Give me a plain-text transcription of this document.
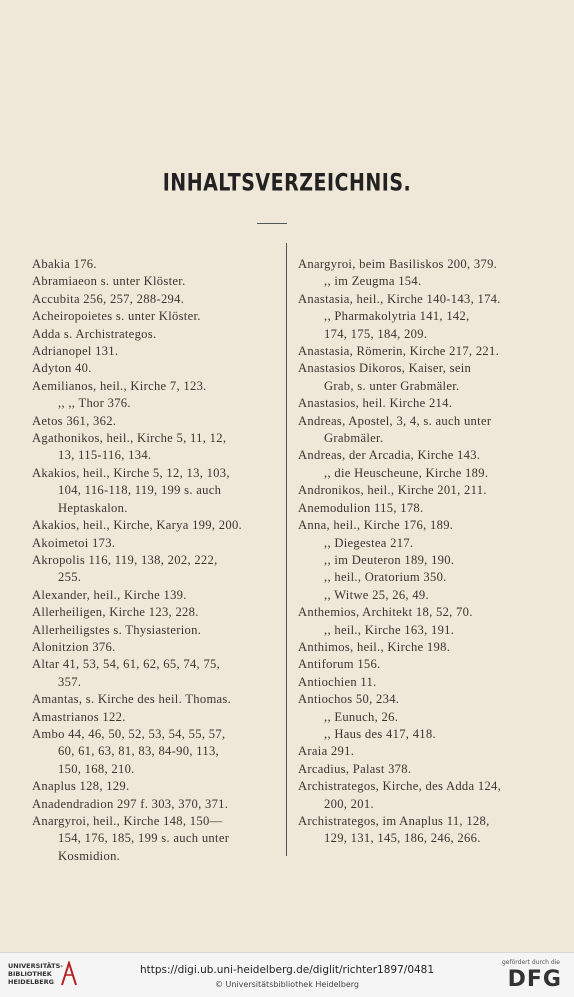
INHALTSVERZEICHNIS.
Abakia 176.
Abramiaeon s. unter Klöster.
Accubita 256, 257, 288-294.
Acheiropoietes s. unter Klöster.
Adda s. Archistrategos.
Adrianopel 131.
Adyton 40.
Aemilianos, heil., Kirche 7, 123.

,, ,, Thor 376.
Aetos 361, 362.
Agathonikos, heil., Kirche 5, 11, 12,

13, 115-116, 134.
Akakios, heil., Kirche 5, 12, 13, 103,

104, 116-118, 119, 199 s. auch
Heptaskalon.
Akakios, heil., Kirche, Karya 199, 200.
Akoimetoi 173.
Akropolis 116, 119, 138, 202, 222,

255.
Alexander, heil., Kirche 139.
Allerheiligen, Kirche 123, 228.
Allerheiligstes s. Thysiasterion.
Alonitzion 376.
Altar 41, 53, 54, 61, 62, 65, 74, 75,

357.
Amantas, s. Kirche des heil. Thomas.
Amastrianos 122.
Ambo 44, 46, 50, 52, 53, 54, 55, 57,

60, 61, 63, 81, 83, 84-90, 113,
150, 168, 210.
Anaplus 128, 129.
Anadendradion 297 f. 303, 370, 371.
Anargyroi, heil., Kirche 148, 150—

154, 176, 185, 199 s. auch unter
Kosmidion.
Anargyroi, beim Basiliskos 200, 379.

,, im Zeugma 154.
Anastasia, heil., Kirche 140-143, 174.

,, Pharmakolytria 141, 142,
174, 175, 184, 209.
Anastasia, Römerin, Kirche 217, 221.
Anastasios Dikoros, Kaiser, sein

Grab, s. unter Grabmäler.
Anastasios, heil. Kirche 214.
Andreas, Apostel, 3, 4, s. auch unter

Grabmäler.
Andreas, der Arcadia, Kirche 143.

,, die Heuscheune, Kirche 189.
Andronikos, heil., Kirche 201, 211.
Anemodulion 115, 178.
Anna, heil., Kirche 176, 189.

,, Diegestea 217.
,, im Deuteron 189, 190.
,, heil., Oratorium 350.
,, Witwe 25, 26, 49.
Anthemios, Architekt 18, 52, 70.

,, heil., Kirche 163, 191.
Anthimos, heil., Kirche 198.
Antiforum 156.
Antiochien 11.
Antiochos 50, 234.

,, Eunuch, 26.
,, Haus des 417, 418.
Araia 291.
Arcadius, Palast 378.
Archistrategos, Kirche, des Adda 124,

200, 201.
Archistrategos, im Anaplus 11, 128,

129, 131, 145, 186, 246, 266.
UNIVERSITÄTS-
BIBLIOTHEK
HEIDELBERG
https://digi.ub.uni-heidelberg.de/diglit/richter1897/0481
© Universitätsbibliothek Heidelberg
gefördert durch die
DFG
